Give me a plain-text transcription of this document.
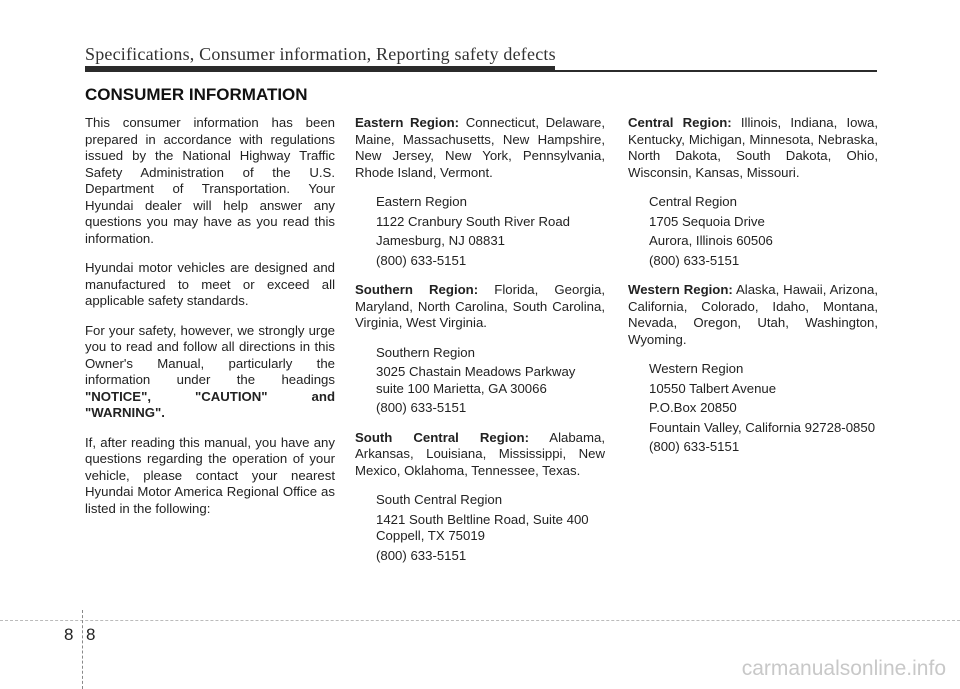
Specifications, Consumer information, Reporting safety defects
CONSUMER INFORMATION

This consumer information has been prepared in accordance with regulations issued by the National Highway Traffic Safety Administration of the U.S. Department of Transportation. Your Hyundai dealer will help answer any questions you may have as you read this information.

Hyundai motor vehicles are designed and manufactured to meet or exceed all applicable safety standards.

For your safety, however, we strongly urge you to read and follow all directions in this Owner's Manual, particularly the information under the headings "NOTICE", "CAUTION" and "WARNING".

If, after reading this manual, you have any questions regarding the operation of your vehicle, please contact your nearest Hyundai Motor America Regional Office as listed in the following:

Eastern Region: Connecticut, Delaware, Maine, Massachusetts, New Hampshire, New Jersey, New York, Pennsylvania, Rhode Island, Vermont.

Eastern Region
1122 Cranbury South River Road
Jamesburg, NJ 08831
(800) 633-5151

Southern Region: Florida, Georgia, Maryland, North Carolina, South Carolina, Virginia, West Virginia.

Southern Region
3025 Chastain Meadows Parkway suite 100 Marietta, GA 30066
(800) 633-5151

South Central Region: Alabama, Arkansas, Louisiana, Mississippi, New Mexico, Oklahoma, Tennessee, Texas.

South Central Region
1421 South Beltline Road, Suite 400 Coppell, TX 75019
(800) 633-5151

Central Region: Illinois, Indiana, Iowa, Kentucky, Michigan, Minnesota, Nebraska, North Dakota, South Dakota, Ohio, Wisconsin, Kansas, Missouri.

Central Region
1705 Sequoia Drive
Aurora, Illinois 60506
(800) 633-5151

Western Region: Alaska, Hawaii, Arizona, California, Colorado, Idaho, Montana, Nevada, Oregon, Utah, Washington, Wyoming.

Western Region
10550 Talbert Avenue
P.O.Box 20850
Fountain Valley, California 92728-0850
(800) 633-5151
8 8
carmanualsonline.info
